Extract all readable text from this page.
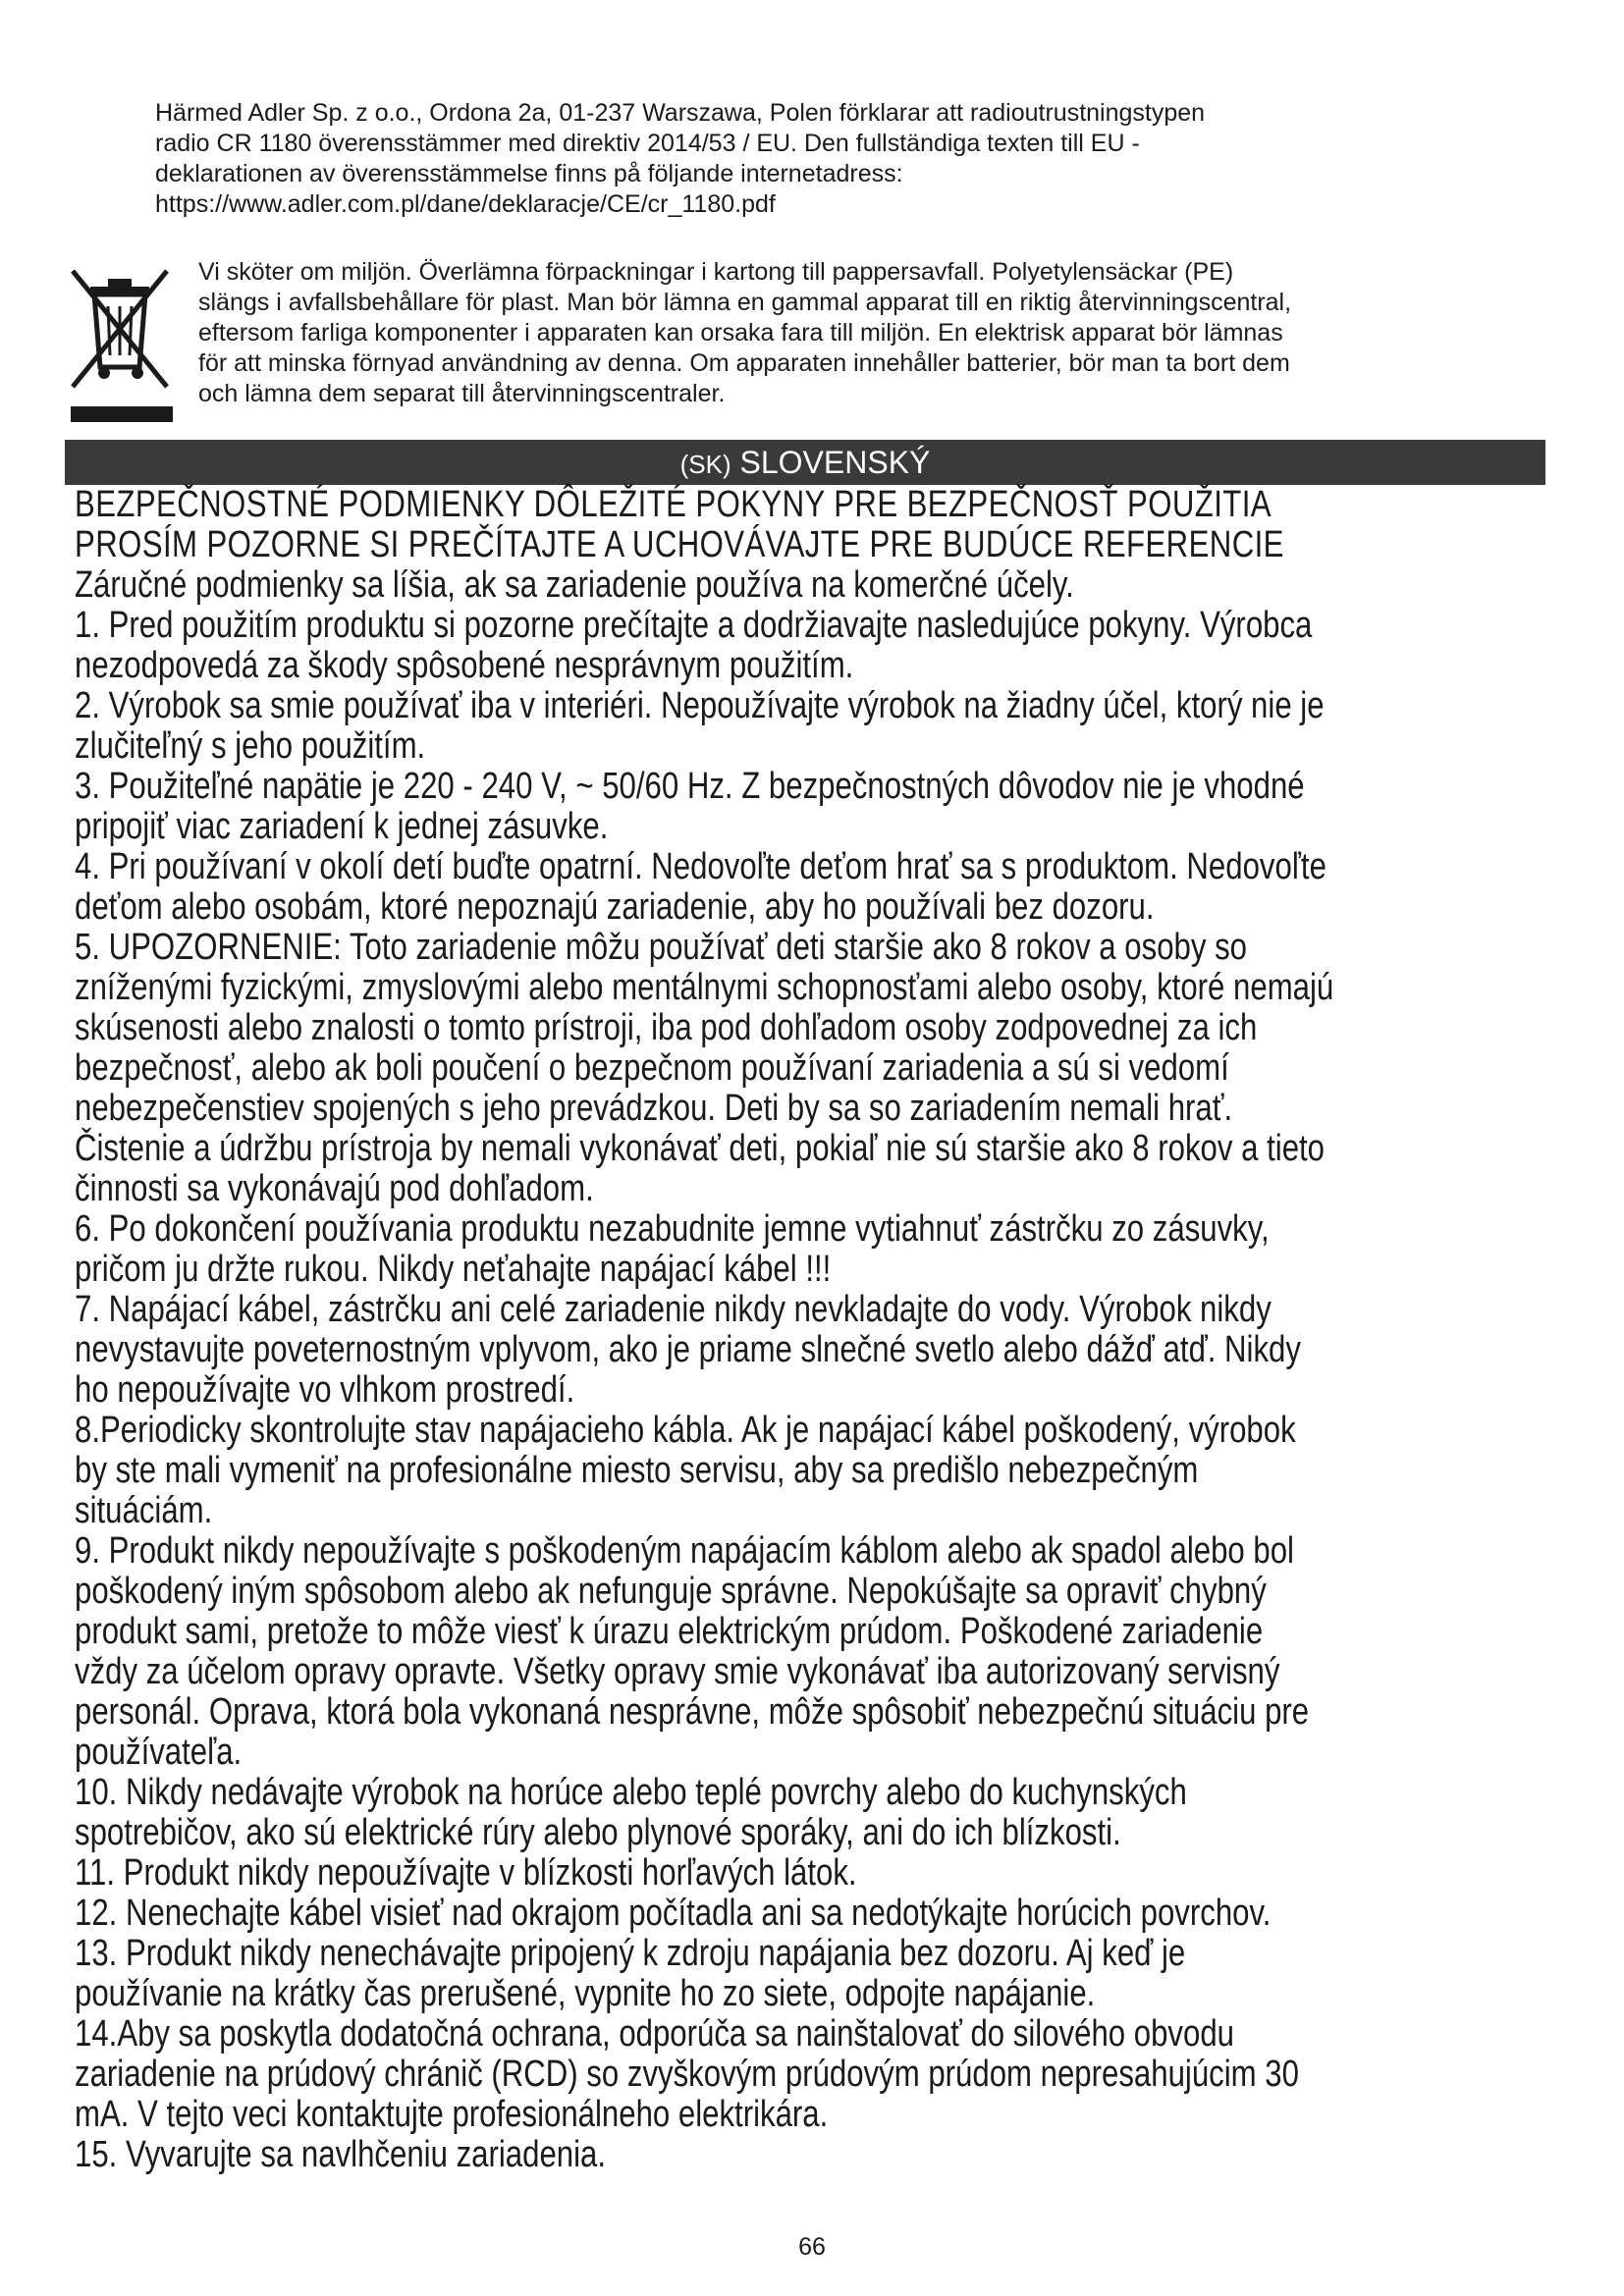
Härmed Adler Sp. z o.o., Ordona 2a, 01-237 Warszawa, Polen förklarar att radioutrustningstypen

radio CR 1180 överensstämmer med direktiv 2014/53 / EU. Den fullständiga texten till EU -

deklarationen av överensstämmelse finns på följande internetadress:

https://www.adler.com.pl/dane/deklaracje/CE/cr_1180.pdf

Vi sköter om miljön. Överlämna förpackningar i kartong till pappersavfall. Polyetylensäckar (PE)

slängs i avfallsbehållare för plast. Man bör lämna en gammal apparat till en riktig återvinningscentral,

eftersom farliga komponenter i apparaten kan orsaka fara till miljön. En elektrisk apparat bör lämnas

för att minska förnyad användning av denna. Om apparaten innehåller batterier, bör man ta bort dem

och lämna dem separat till återvinningscentraler.

(SK) SLOVENSKÝ

BEZPEČNOSTNÉ PODMIENKY DÔLEŽITÉ POKYNY PRE BEZPEČNOSŤ POUŽITIA

PROSÍM POZORNE SI PREČÍTAJTE A UCHOVÁVAJTE PRE BUDÚCE REFERENCIE

Záručné podmienky sa líšia, ak sa zariadenie používa na komerčné účely.

1. Pred použitím produktu si pozorne prečítajte a dodržiavajte nasledujúce pokyny. Výrobca

nezodpovedá za škody spôsobené nesprávnym použitím.

2. Výrobok sa smie používať iba v interiéri. Nepoužívajte výrobok na žiadny účel, ktorý nie je

zlučiteľný s jeho použitím.

3. Použiteľné napätie je 220 - 240 V, ~ 50/60 Hz. Z bezpečnostných dôvodov nie je vhodné

pripojiť viac zariadení k jednej zásuvke.

4. Pri používaní v okolí detí buďte opatrní. Nedovoľte deťom hrať sa s produktom. Nedovoľte

deťom alebo osobám, ktoré nepoznajú zariadenie, aby ho používali bez dozoru.

5. UPOZORNENIE: Toto zariadenie môžu používať deti staršie ako 8 rokov a osoby so

zníženými fyzickými, zmyslovými alebo mentálnymi schopnosťami alebo osoby, ktoré nemajú

skúsenosti alebo znalosti o tomto prístroji, iba pod dohľadom osoby zodpovednej za ich

bezpečnosť, alebo ak boli poučení o bezpečnom používaní zariadenia a sú si vedomí

nebezpečenstiev spojených s jeho prevádzkou. Deti by sa so zariadením nemali hrať.

Čistenie a údržbu prístroja by nemali vykonávať deti, pokiaľ nie sú staršie ako 8 rokov a tieto

činnosti sa vykonávajú pod dohľadom.

6. Po dokončení používania produktu nezabudnite jemne vytiahnuť zástrčku zo zásuvky,

pričom ju držte rukou. Nikdy neťahajte napájací kábel !!!

7. Napájací kábel, zástrčku ani celé zariadenie nikdy nevkladajte do vody. Výrobok nikdy

nevystavujte poveternostným vplyvom, ako je priame slnečné svetlo alebo dážď atď. Nikdy

ho nepoužívajte vo vlhkom prostredí.

8.Periodicky skontrolujte stav napájacieho kábla. Ak je napájací kábel poškodený, výrobok

by ste mali vymeniť na profesionálne miesto servisu, aby sa predišlo nebezpečným

situáciám.

9. Produkt nikdy nepoužívajte s poškodeným napájacím káblom alebo ak spadol alebo bol

poškodený iným spôsobom alebo ak nefunguje správne. Nepokúšajte sa opraviť chybný

produkt sami, pretože to môže viesť k úrazu elektrickým prúdom. Poškodené zariadenie

vždy za účelom opravy opravte. Všetky opravy smie vykonávať iba autorizovaný servisný

personál. Oprava, ktorá bola vykonaná nesprávne, môže spôsobiť nebezpečnú situáciu pre

používateľa.

10. Nikdy nedávajte výrobok na horúce alebo teplé povrchy alebo do kuchynských

spotrebičov, ako sú elektrické rúry alebo plynové sporáky, ani do ich blízkosti.

11. Produkt nikdy nepoužívajte v blízkosti horľavých látok.

12. Nenechajte kábel visieť nad okrajom počítadla ani sa nedotýkajte horúcich povrchov.

13. Produkt nikdy nenechávajte pripojený k zdroju napájania bez dozoru. Aj keď je

používanie na krátky čas prerušené, vypnite ho zo siete, odpojte napájanie.

14.Aby sa poskytla dodatočná ochrana, odporúča sa nainštalovať do silového obvodu

zariadenie na prúdový chránič (RCD) so zvyškovým prúdovým prúdom nepresahujúcim 30

mA. V tejto veci kontaktujte profesionálneho elektrikára.

15. Vyvarujte sa navlhčeniu zariadenia.

66
